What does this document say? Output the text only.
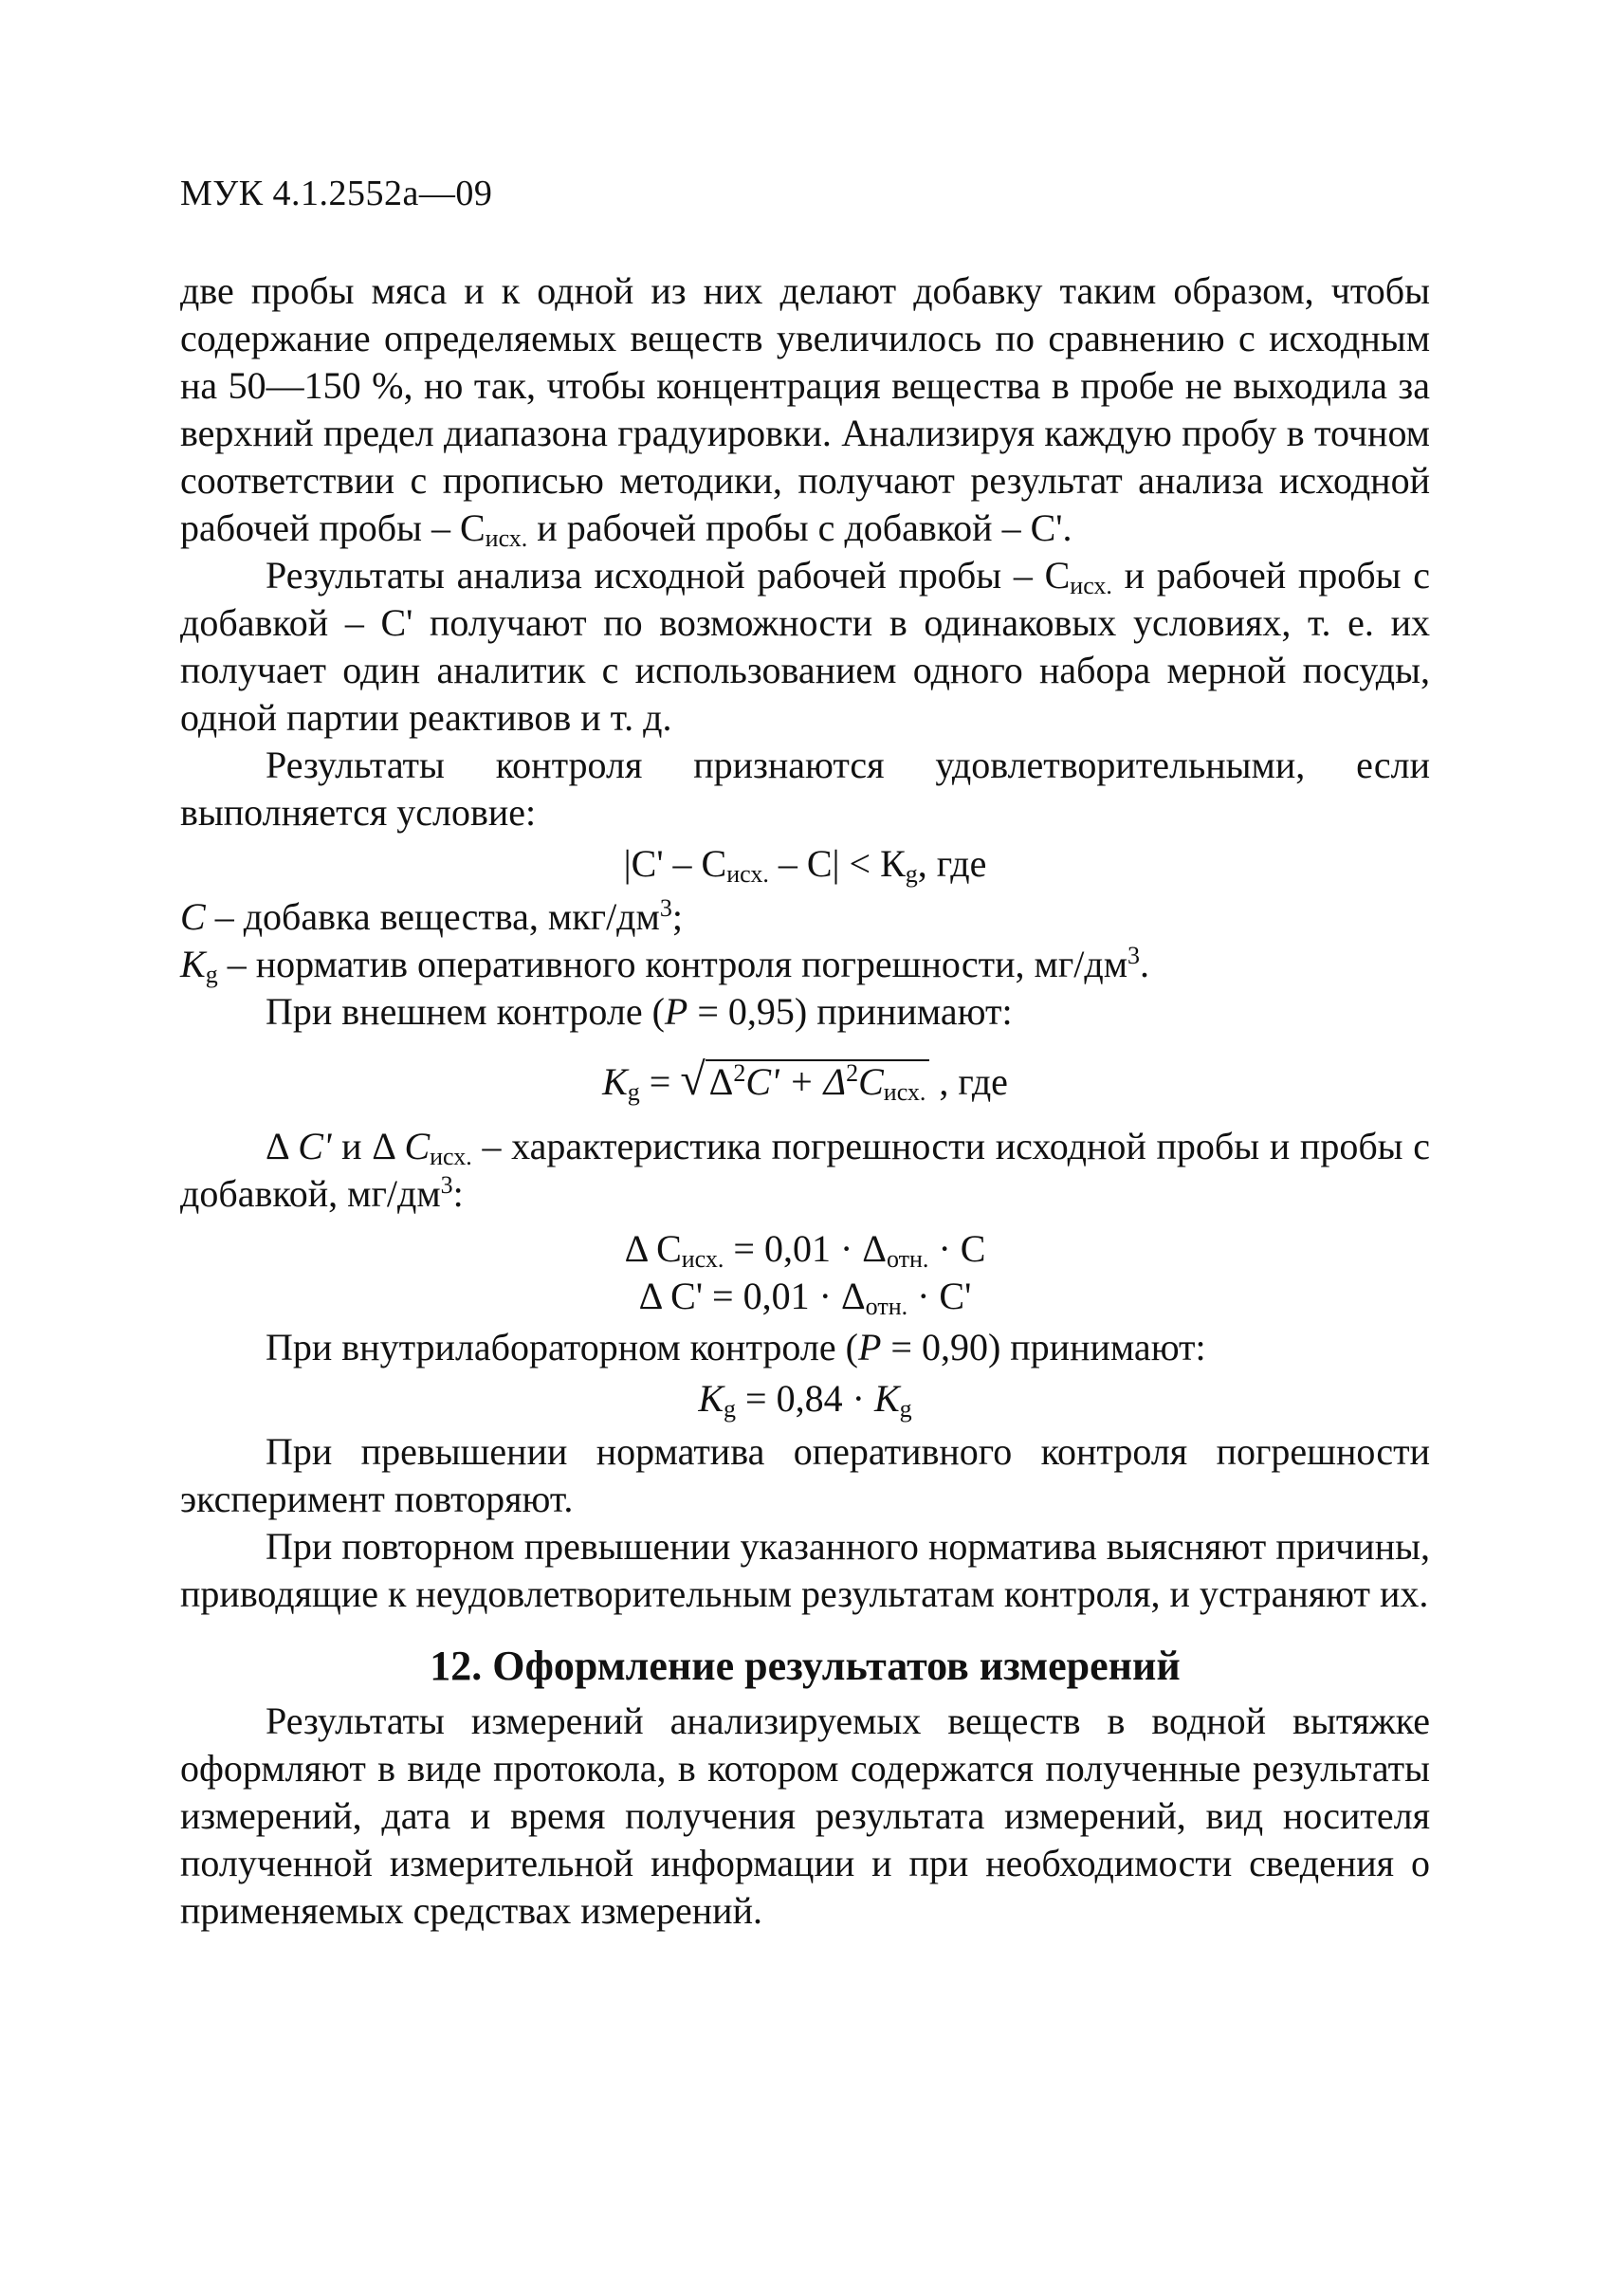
МУК 4.1.2552а—09

две пробы мяса и к одной из них делают добавку таким образом, чтобы содержание определяемых веществ увеличилось по сравнению с исходным на 50—150 %, но так, чтобы концентрация вещества в пробе не выходила за верхний предел диапазона градуировки. Анализируя каждую пробу в точном соответствии с прописью методики, получают результат анализа исходной рабочей пробы – $С_{исх.}$ и рабочей пробы с добавкой – С'.

Результаты анализа исходной рабочей пробы – $С_{исх.}$ и рабочей пробы с добавкой – С' получают по возможности в одинаковых условиях, т. е. их получает один аналитик с использованием одного набора мерной посуды, одной партии реактивов и т. д.

Результаты контроля признаются удовлетворительными, если выполняется условие:

$|С' - С_{исх.} - С| < К_g$, где

С – добавка вещества, мкг/$дм^3$;

$K_g$ – норматив оперативного контроля погрешности, $мг/дм^3$.

При внешнем контроле (Р = 0,95) принимают:

$K_g$ = √ $\Delta^2C' + \Delta^2C_{исх.}$ , где

Δ C' и Δ $C_{исх.}$ – характеристика погрешности исходной пробы и пробы с добавкой, $мг/дм^3$:

Δ $С_{исх.} = 0,01 \cdot \Delta_{отн.} \cdot С$

Δ $С' = 0,01 \cdot \Delta_{отн.} \cdot С'$

При внутрилабораторном контроле (Р = 0,90) принимают:

$K_g = 0,84 \cdot K_g$

При превышении норматива оперативного контроля погрешности эксперимент повторяют.

При повторном превышении указанного норматива выясняют причины, приводящие к неудовлетворительным результатам контроля, и устраняют их.

12. Оформление результатов измерений

Результаты измерений анализируемых веществ в водной вытяжке оформляют в виде протокола, в котором содержатся полученные результаты измерений, дата и время получения результата измерений, вид носителя полученной измерительной информации и при необходимости сведения о применяемых средствах измерений.
